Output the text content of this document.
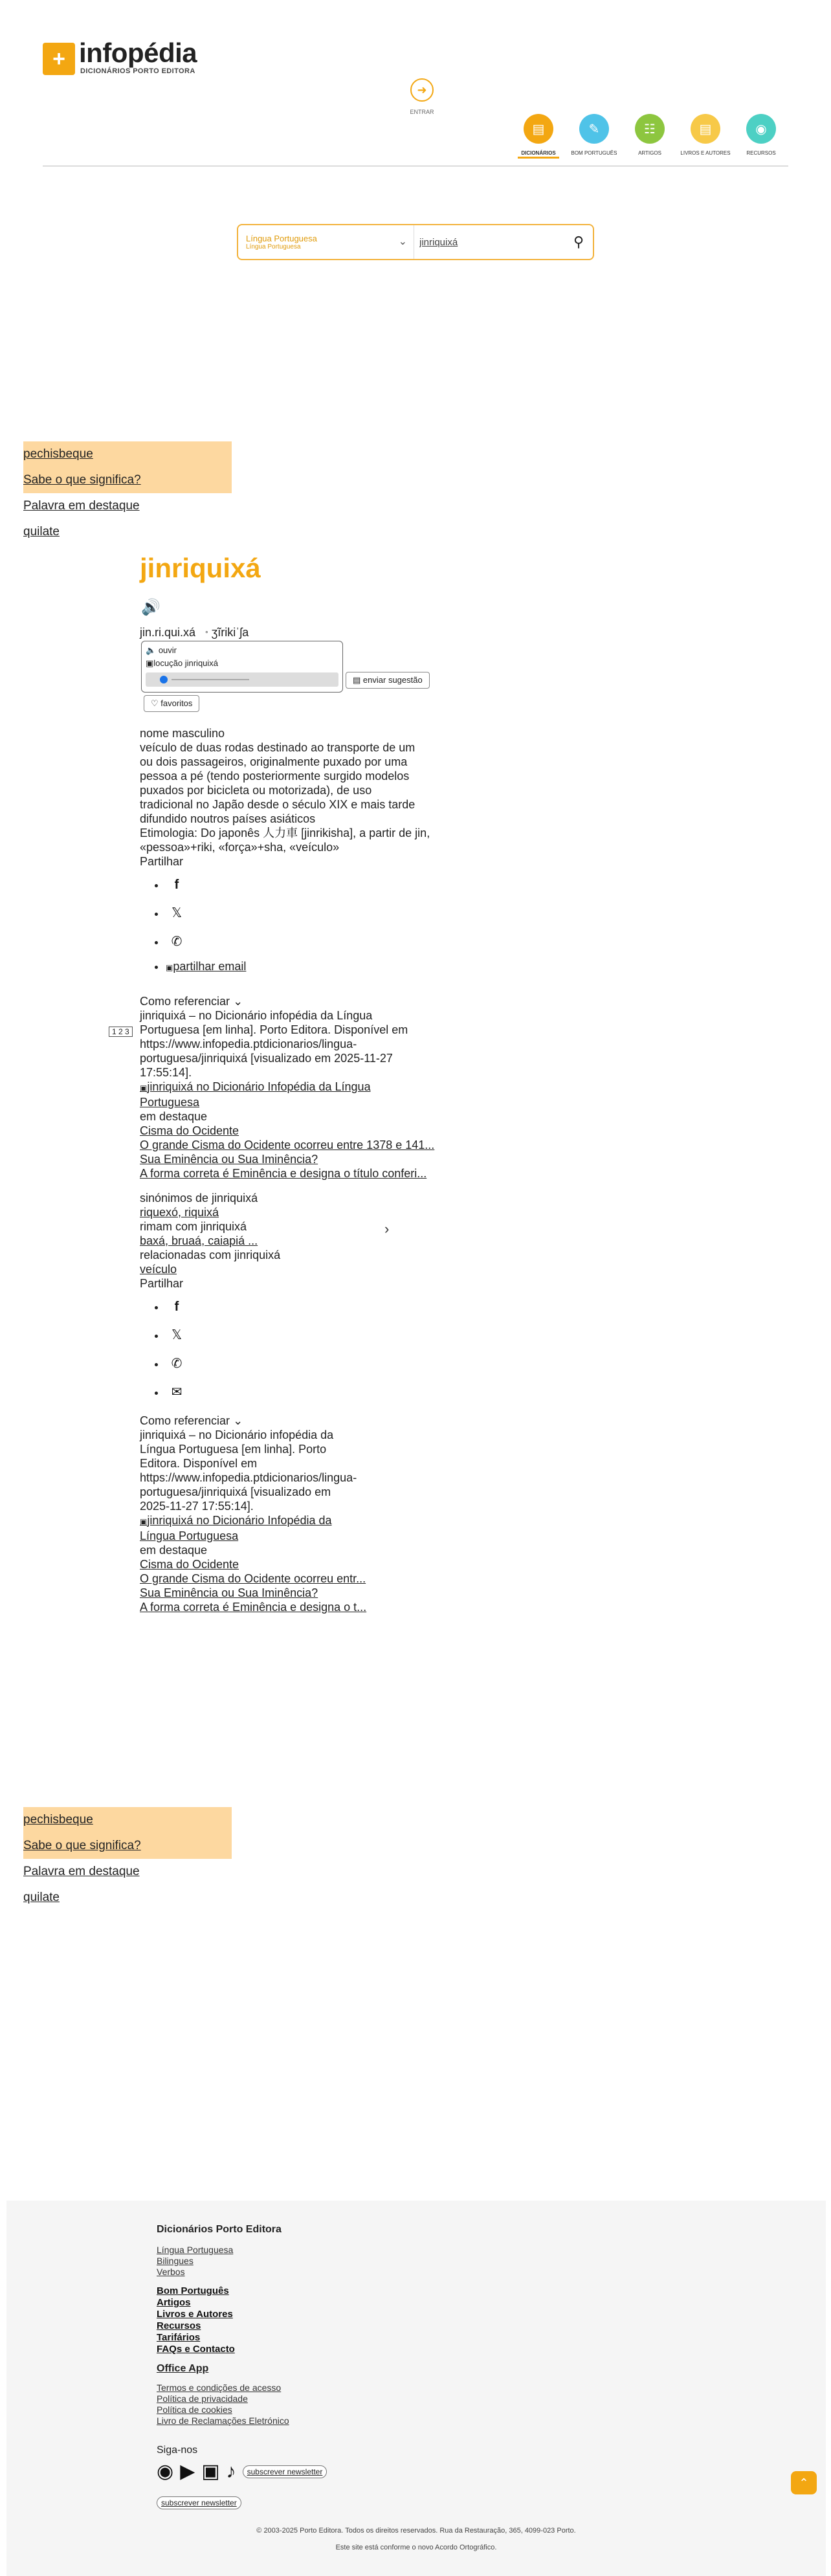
+ infopédia
DICIONÁRIOS PORTO EDITORA
➜
ENTRAR
▤
DICIONÁRIOS
✎
BOM PORTUGUÊS
☷
ARTIGOS
▤
LIVROS E AUTORES
◉
RECURSOS
Língua Portuguesa
Língua Portuguesa	⌄
jinriquixá	⚲
pechisbeque
Sabe o que significa?
Palavra em destaque
quilate
jinriquixá
🔊
jin.ri.qui.xá ° ʒĩrikiˈʃa
🔈 ouvir
▣locução jinriquixá
▤ enviar sugestão
♡ favoritos
nome masculino
veículo de duas rodas destinado ao transporte de um
ou dois passageiros, originalmente puxado por uma
pessoa a pé (tendo posteriormente surgido modelos
puxados por bicicleta ou motorizada), de uso
tradicional no Japão desde o século XIX e mais tarde
difundido noutros países asiáticos
Etimologia: Do japonês 人力車 [jinrikisha], a partir de jin,
«pessoa»+riki, «força»+sha, «veículo»
Partilhar
• f
• 𝕏
• ✆
• ▣partilhar email
Como referenciar ⌄
jinriquixá – no Dicionário infopédia da Língua
Portuguesa [em linha]. Porto Editora. Disponível em
https://www.infopedia.ptdicionarios/lingua-
portuguesa/jinriquixá [visualizado em 2025-11-27
17:55:14].
▣jinriquixá no Dicionário Infopédia da Língua
Portuguesa
em destaque
Cisma do Ocidente
O grande Cisma do Ocidente ocorreu entre 1378 e 141...
Sua Eminência ou Sua Iminência?
A forma correta é Eminência e designa o título conferi...
sinónimos de jinriquixá
riquexó, riquixá
rimam com jinriquixá
baxá, bruaá, caiapiá ...
relacionadas com jinriquixá
veículo
Partilhar
• f
• 𝕏
• ✆
• ✉
Como referenciar ⌄
jinriquixá – no Dicionário infopédia da
Língua Portuguesa [em linha]. Porto
Editora. Disponível em
https://www.infopedia.ptdicionarios/lingua-
portuguesa/jinriquixá [visualizado em
2025-11-27 17:55:14].
▣jinriquixá no Dicionário Infopédia da
Língua Portuguesa
em destaque
Cisma do Ocidente
O grande Cisma do Ocidente ocorreu entr...
Sua Eminência ou Sua Iminência?
A forma correta é Eminência e designa o t...
1 2 3
›
pechisbeque
Sabe o que significa?
Palavra em destaque
quilate
Dicionários Porto Editora
Língua Portuguesa
Bilingues
Verbos
Bom Português
Artigos
Livros e Autores
Recursos
Tarifários
FAQs e Contacto
Office App
Termos e condições de acesso
Política de privacidade
Política de cookies
Livro de Reclamações Eletrónico
Siga-nos
◉ ▶ ▣ ♪	subscrever newsletter
subscrever newsletter
© 2003-2025 Porto Editora. Todos os direitos reservados. Rua da Restauração, 365, 4099-023 Porto.
Este site está conforme o novo Acordo Ortográfico.
⌃
